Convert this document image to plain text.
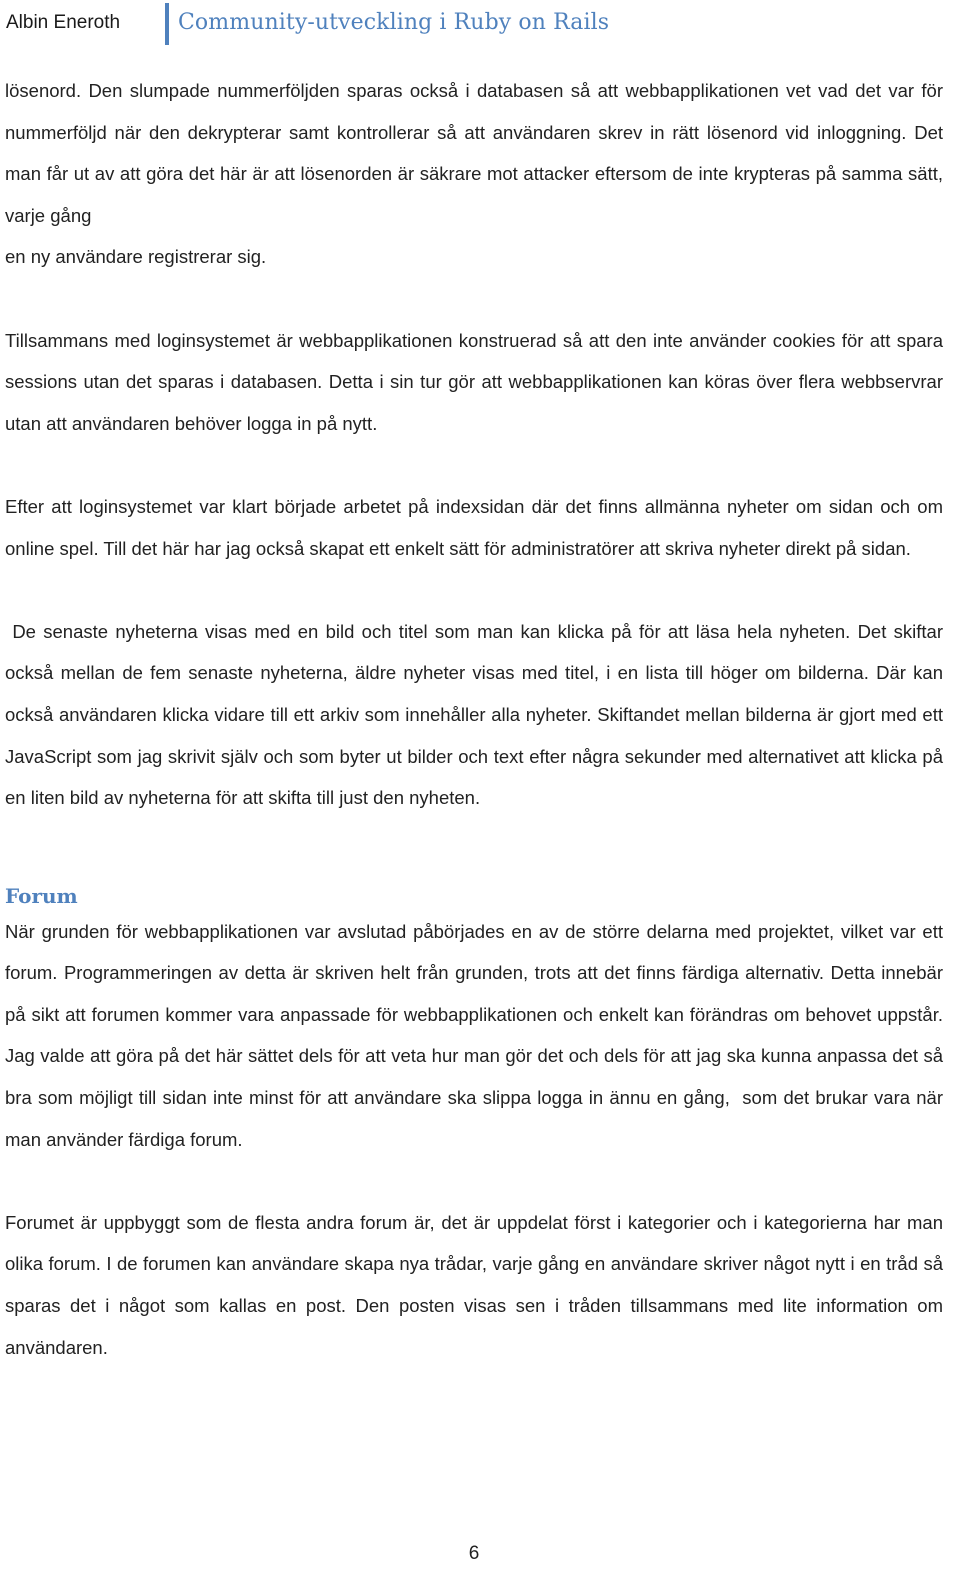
Albin Eneroth	Community-utveckling i Ruby on Rails

lösenord. Den slumpade nummerföljden sparas också i databasen så att webbapplikationen vet vad det var för nummerföljd när den dekrypterar samt kontrollerar så att användaren skrev in rätt lösenord vid inloggning. Det man får ut av att göra det här är att lösenorden är säkrare mot attacker eftersom de inte krypteras på samma sätt, varje gång
en ny användare registrerar sig.

Tillsammans med loginsystemet är webbapplikationen konstruerad så att den inte använder cookies för att spara sessions utan det sparas i databasen. Detta i sin tur gör att webbapplikationen kan köras över flera webbservrar utan att användaren behöver logga in på nytt.

Efter att loginsystemet var klart började arbetet på indexsidan där det finns allmänna nyheter om sidan och om online spel. Till det här har jag också skapat ett enkelt sätt för administratörer att skriva nyheter direkt på sidan.

De senaste nyheterna visas med en bild och titel som man kan klicka på för att läsa hela nyheten. Det skiftar också mellan de fem senaste nyheterna, äldre nyheter visas med titel, i en lista till höger om bilderna. Där kan också användaren klicka vidare till ett arkiv som innehåller alla nyheter. Skiftandet mellan bilderna är gjort med ett JavaScript som jag skrivit själv och som byter ut bilder och text efter några sekunder med alternativet att klicka på en liten bild av nyheterna för att skifta till just den nyheten.

Forum

När grunden för webbapplikationen var avslutad påbörjades en av de större delarna med projektet, vilket var ett forum. Programmeringen av detta är skriven helt från grunden, trots att det finns färdiga alternativ. Detta innebär på sikt att forumen kommer vara anpassade för webbapplikationen och enkelt kan förändras om behovet uppstår. Jag valde att göra på det här sättet dels för att veta hur man gör det och dels för att jag ska kunna anpassa det så bra som möjligt till sidan inte minst för att användare ska slippa logga in ännu en gång,  som det brukar vara när man använder färdiga forum.

Forumet är uppbyggt som de flesta andra forum är, det är uppdelat först i kategorier och i kategorierna har man olika forum. I de forumen kan användare skapa nya trådar, varje gång en användare skriver något nytt i en tråd så sparas det i något som kallas en post. Den posten visas sen i tråden tillsammans med lite information om användaren.

6
